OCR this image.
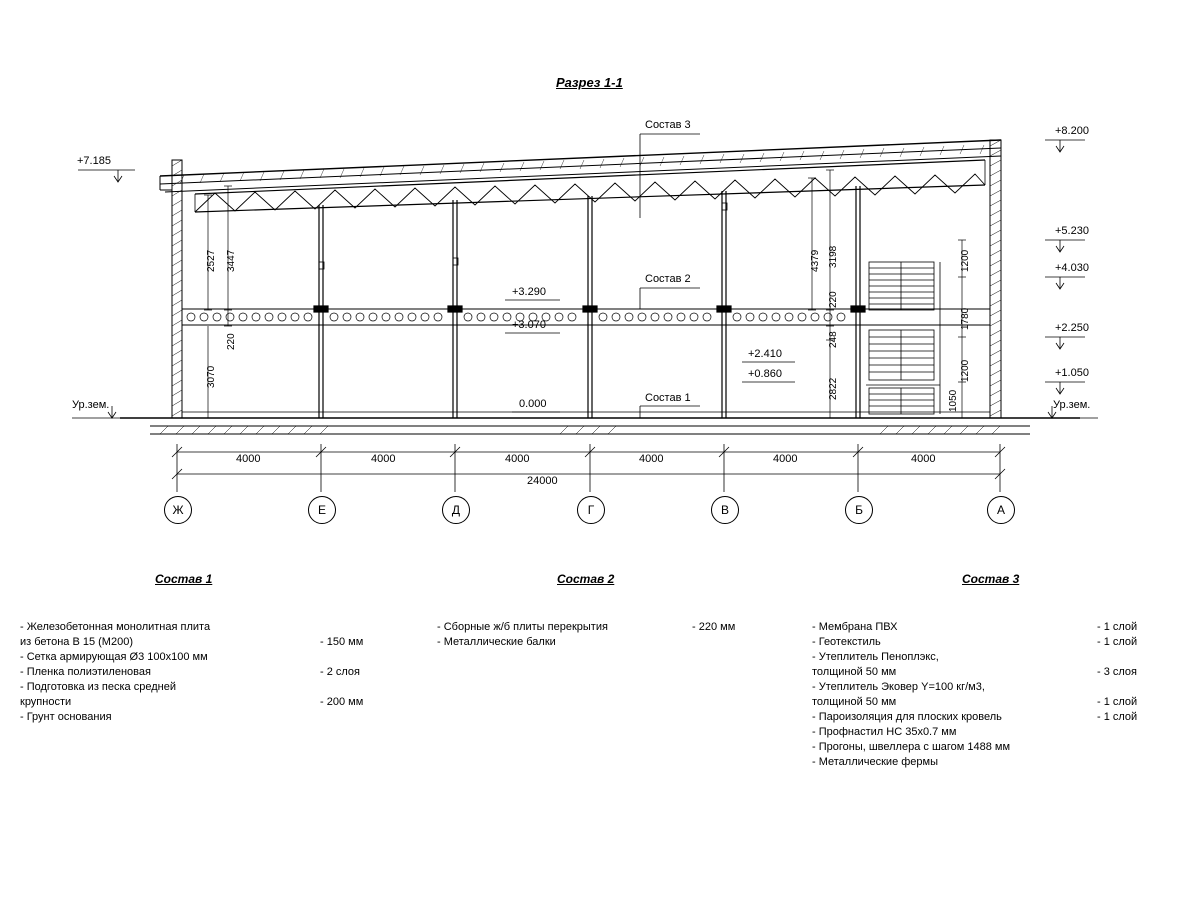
Разрез 1-1
Состав 3
Состав 2
Состав 1
+8.200
+5.230
+4.030
+2.250
+1.050
+7.185
Ур.зем.	Ур.зем.
+3.290
+3.070
+2.410
+0.860
0.000
2527 3447
220
3070
4379 3198
220
248
2822
1200
1780
1200
1050
4000	4000	4000	4000	4000	4000
24000
Ж	Е	Д	Г	В	Б	А
Состав 1
- Железобетонная монолитная плита
из бетона В 15 (М200)	- 150 мм
- Сетка армирующая Ø3 100х100 мм
- Пленка полиэтиленовая	- 2 слоя
- Подготовка из песка средней
крупности	- 200 мм
- Грунт основания
Состав 2
- Сборные ж/б плиты перекрытия	- 220 мм
- Металлические балки
Состав 3
- Мембрана ПВХ	- 1 слой
- Геотекстиль	- 1 слой
- Утеплитель Пеноплэкс,
толщиной 50 мм	- 3 слоя
- Утеплитель Эковер Y=100 кг/м3,
толщиной 50 мм	- 1 слой
- Пароизоляция для плоских кровель	- 1 слой
- Профнастил НС 35х0.7 мм
- Прогоны, швеллера с шагом 1488 мм
- Металлические фермы
